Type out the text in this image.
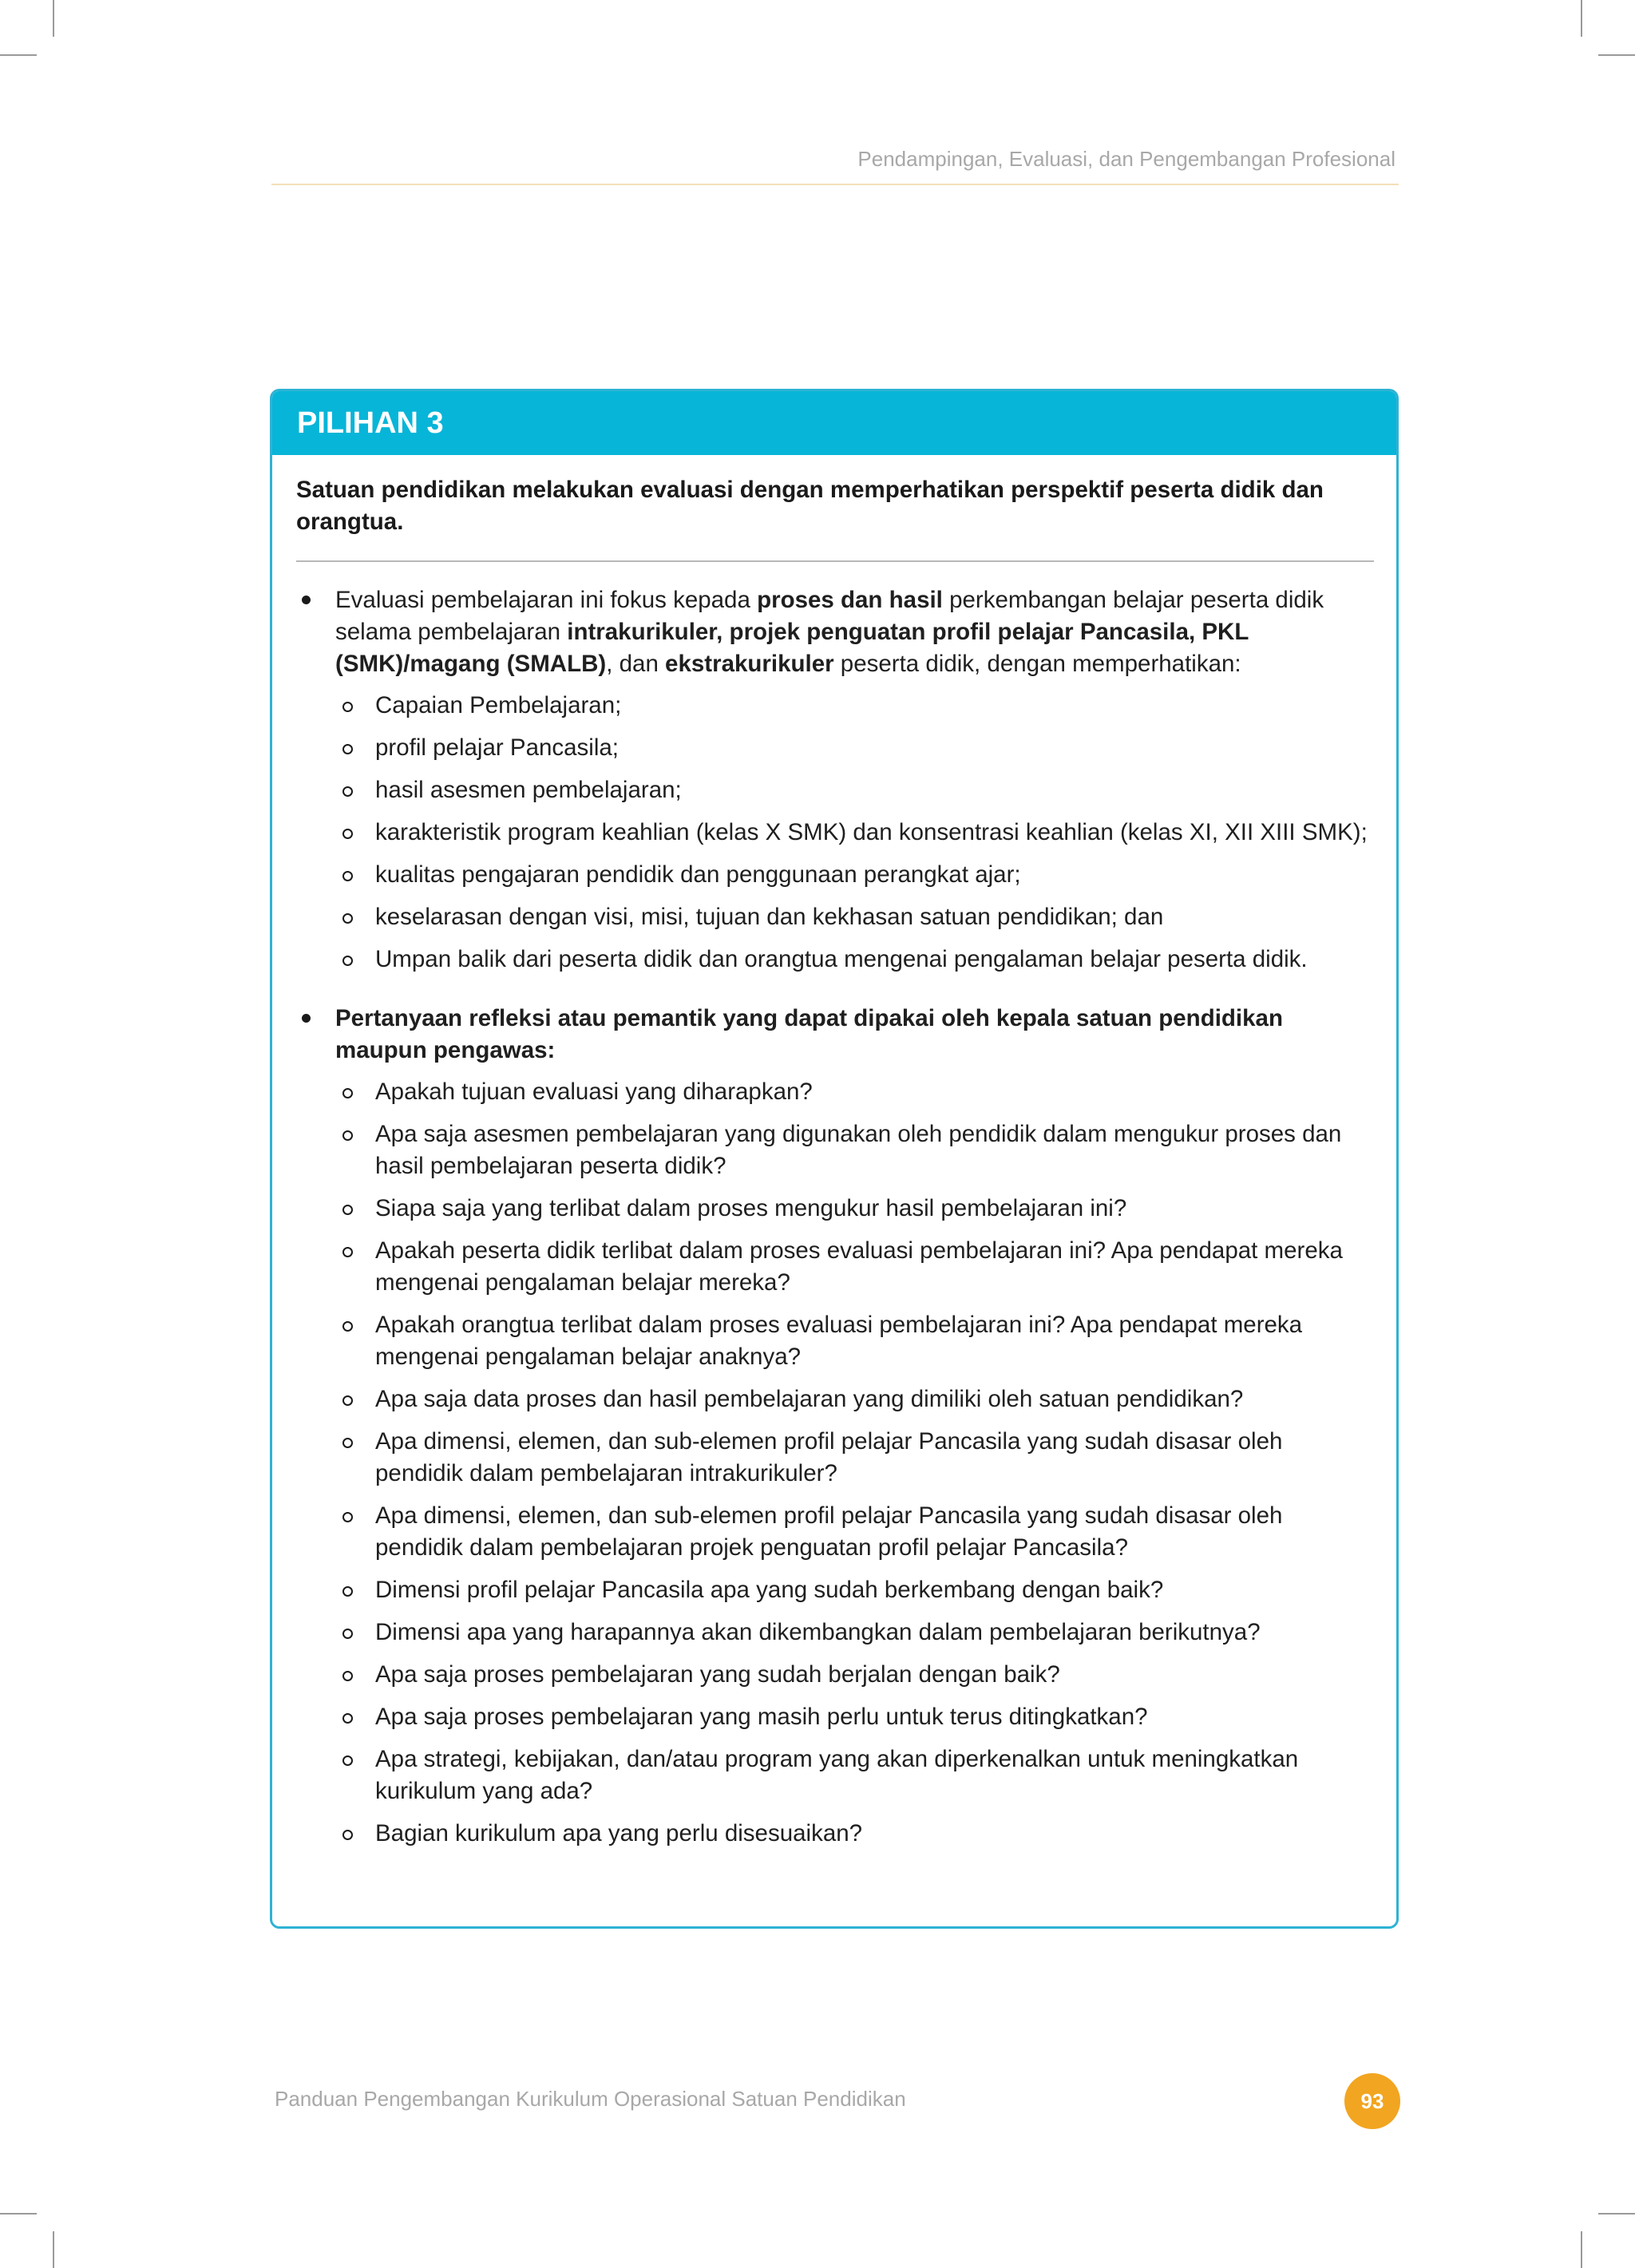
Pendampingan, Evaluasi, dan Pengembangan Profesional
PILIHAN 3
Satuan pendidikan melakukan evaluasi dengan memperhatikan perspektif peserta didik dan orangtua.
Evaluasi pembelajaran ini fokus kepada proses dan hasil perkembangan belajar peserta didik selama pembelajaran intrakurikuler, projek penguatan profil pelajar Pancasila, PKL (SMK)/magang (SMALB), dan ekstrakurikuler peserta didik, dengan memperhatikan:
Capaian Pembelajaran;
profil pelajar Pancasila;
hasil asesmen pembelajaran;
karakteristik program keahlian (kelas X SMK) dan konsentrasi keahlian (kelas XI, XII XIII SMK);
kualitas pengajaran pendidik dan penggunaan perangkat ajar;
keselarasan dengan visi, misi, tujuan dan kekhasan satuan pendidikan; dan
Umpan balik dari peserta didik dan orangtua mengenai pengalaman belajar peserta didik.
Pertanyaan refleksi atau pemantik yang dapat dipakai oleh kepala satuan pendidikan maupun pengawas:
Apakah tujuan evaluasi yang diharapkan?
Apa saja asesmen pembelajaran yang digunakan oleh pendidik dalam mengukur proses dan hasil pembelajaran peserta didik?
Siapa saja yang terlibat dalam proses mengukur hasil pembelajaran ini?
Apakah peserta didik terlibat dalam proses evaluasi pembelajaran ini? Apa pendapat mereka mengenai pengalaman belajar mereka?
Apakah orangtua terlibat dalam proses evaluasi pembelajaran ini? Apa pendapat mereka mengenai pengalaman belajar anaknya?
Apa saja data proses dan hasil pembelajaran yang dimiliki oleh satuan pendidikan?
Apa dimensi, elemen, dan sub-elemen profil pelajar Pancasila yang sudah disasar oleh pendidik dalam pembelajaran intrakurikuler?
Apa dimensi, elemen, dan sub-elemen profil pelajar Pancasila yang sudah disasar oleh pendidik dalam pembelajaran projek penguatan profil pelajar Pancasila?
Dimensi profil pelajar Pancasila apa yang sudah berkembang dengan baik?
Dimensi apa yang harapannya akan dikembangkan dalam pembelajaran berikutnya?
Apa saja proses pembelajaran yang sudah berjalan dengan baik?
Apa saja proses pembelajaran yang masih perlu untuk terus ditingkatkan?
Apa strategi, kebijakan, dan/atau program yang akan diperkenalkan untuk meningkatkan kurikulum yang ada?
Bagian kurikulum apa yang perlu disesuaikan?
Panduan Pengembangan Kurikulum Operasional Satuan Pendidikan	93
